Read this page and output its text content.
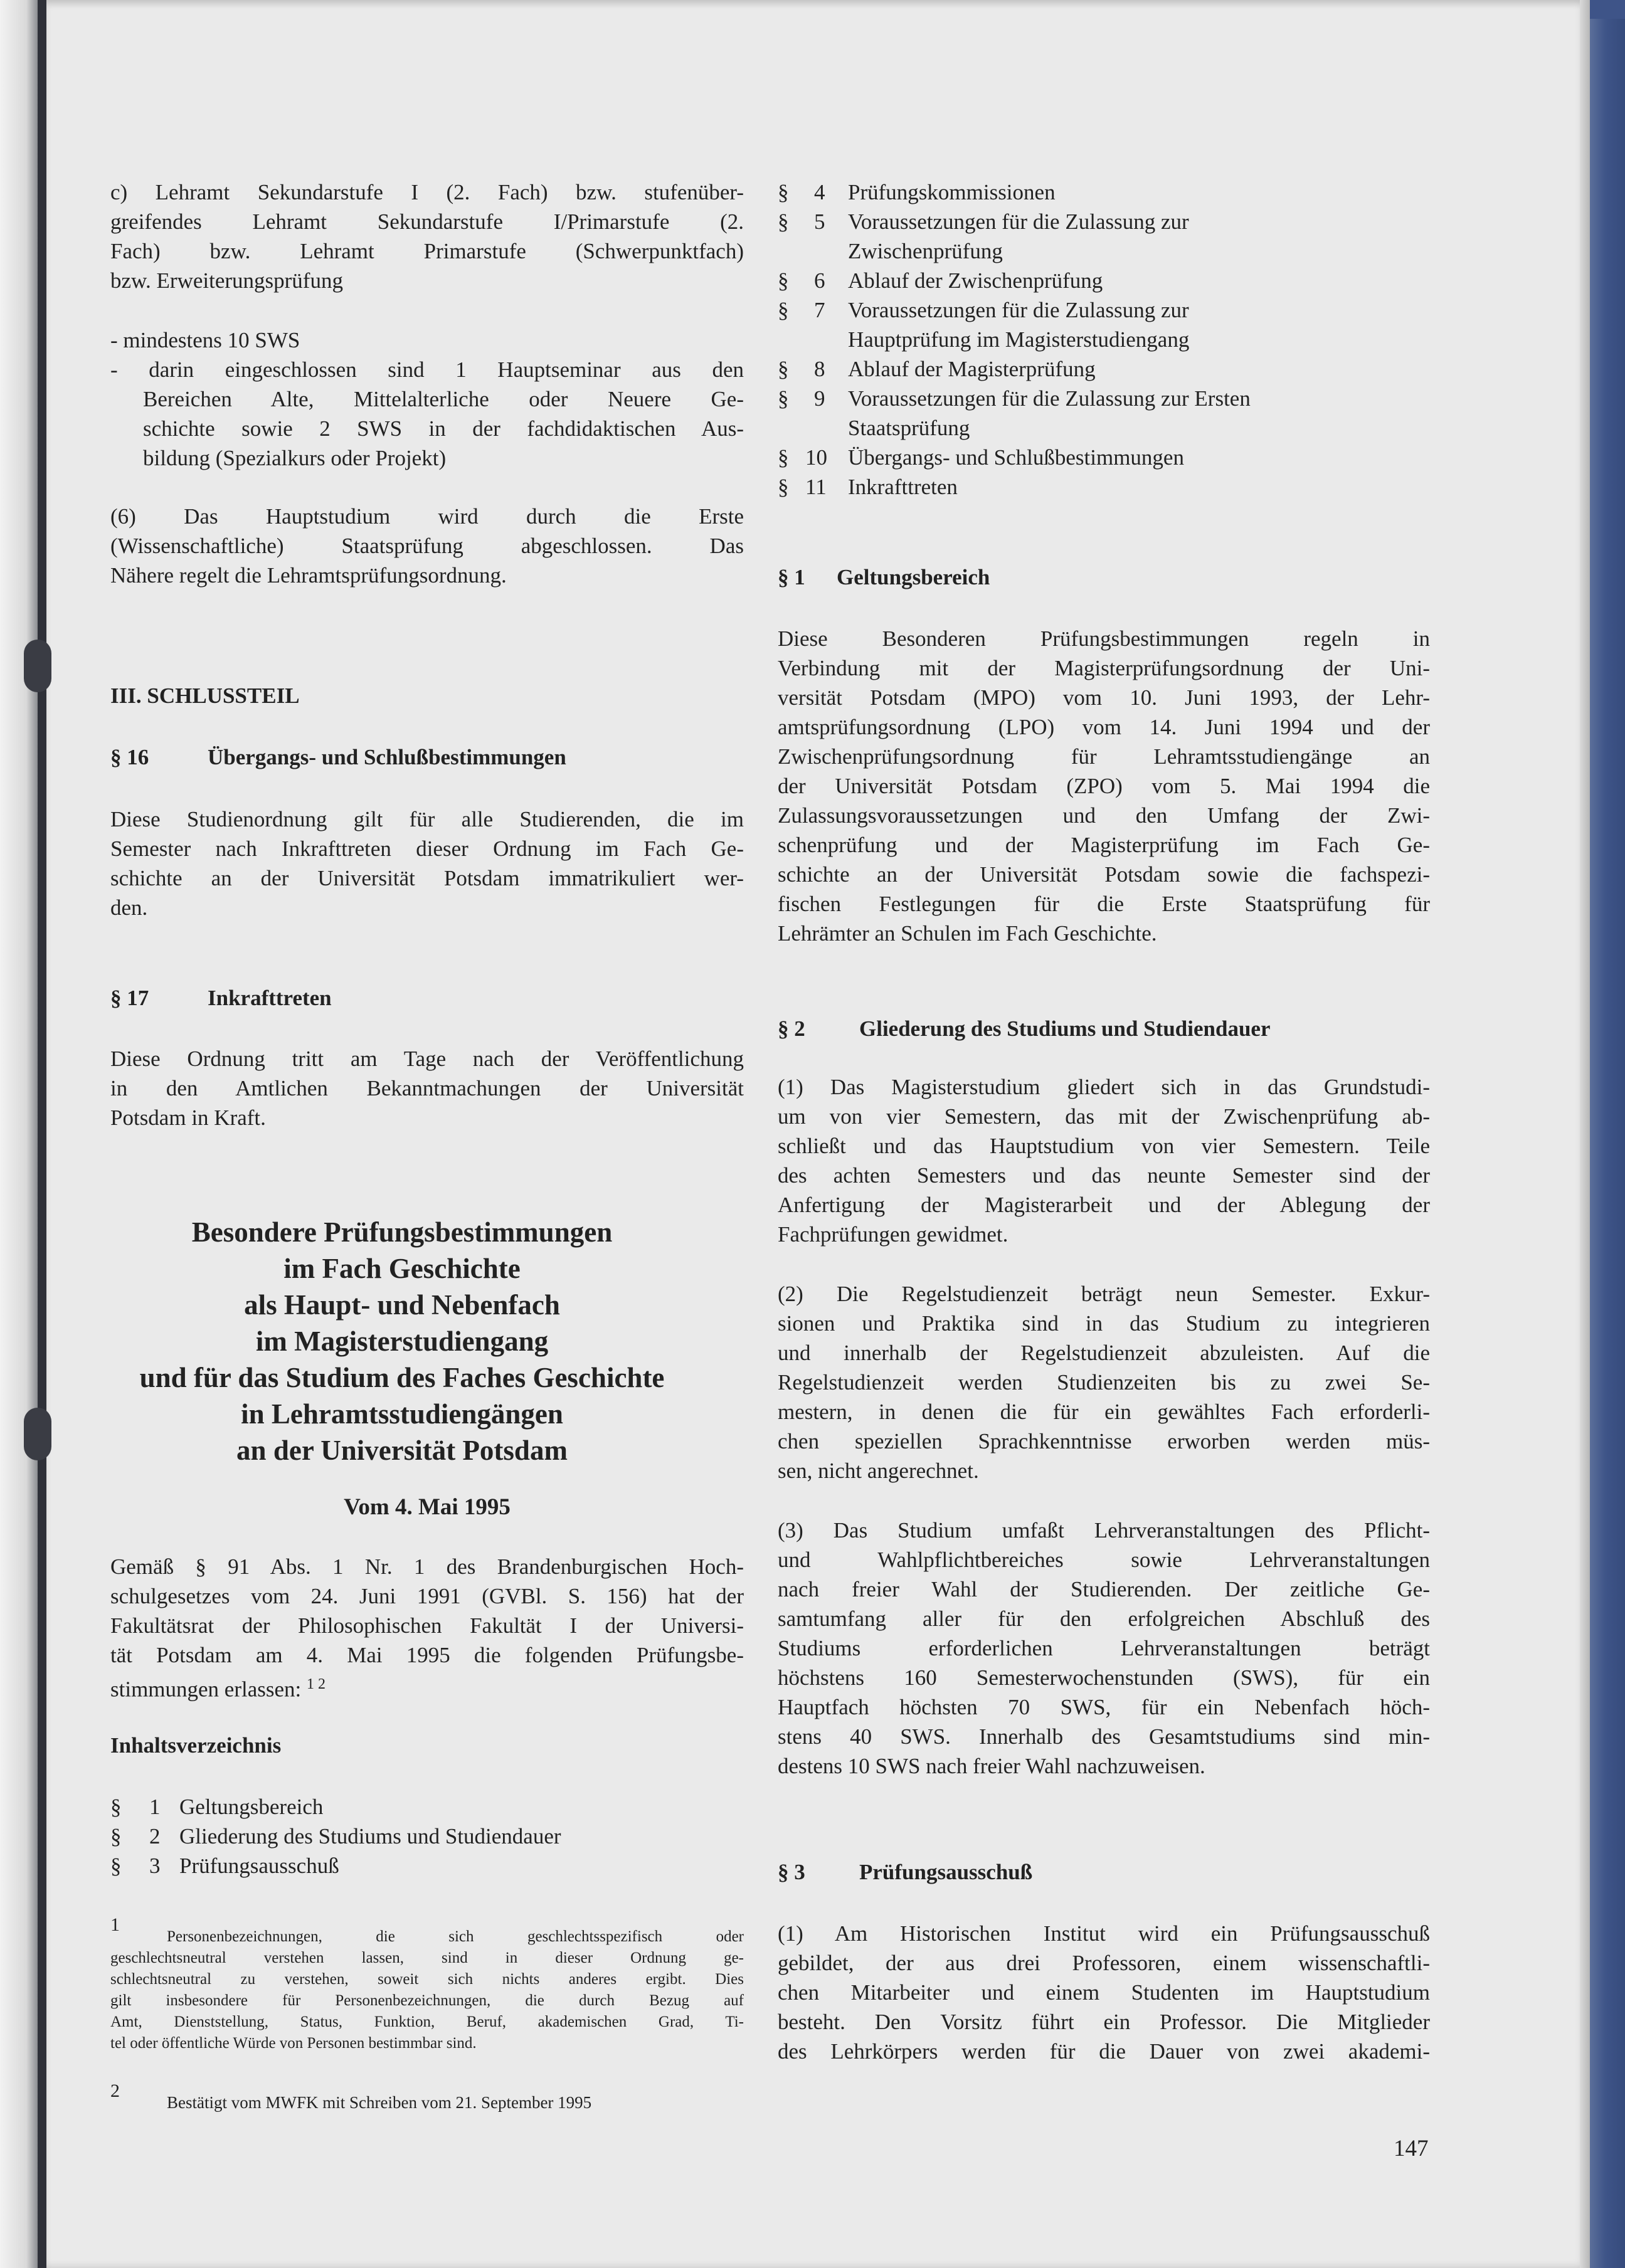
c) Lehramt Sekundarstufe I (2. Fach) bzw. stufenüber-
greifendes Lehramt Sekundarstufe I/Primarstufe (2.
Fach) bzw. Lehramt Primarstufe (Schwerpunktfach)
bzw. Erweiterungsprüfung
- mindestens 10 SWS
- darin eingeschlossen sind 1 Hauptseminar aus den
Bereichen Alte, Mittelalterliche oder Neuere Ge-
schichte sowie 2 SWS in der fachdidaktischen Aus-
bildung (Spezialkurs oder Projekt)
(6) Das Hauptstudium wird durch die Erste
(Wissenschaftliche) Staatsprüfung abgeschlossen. Das
Nähere regelt die Lehramtsprüfungsordnung.
III. SCHLUSSTEIL
§ 16	Übergangs- und Schlußbestimmungen
Diese Studienordnung gilt für alle Studierenden, die im
Semester nach Inkrafttreten dieser Ordnung im Fach Ge-
schichte an der Universität Potsdam immatrikuliert wer-
den.
§ 17	Inkrafttreten
Diese Ordnung tritt am Tage nach der Veröffentlichung
in den Amtlichen Bekanntmachungen der Universität
Potsdam in Kraft.
Besondere Prüfungsbestimmungen
im Fach Geschichte
als Haupt- und Nebenfach
im Magisterstudiengang
und für das Studium des Faches Geschichte
in Lehramtsstudiengängen
an der Universität Potsdam
Vom 4. Mai 1995
Gemäß § 91 Abs. 1 Nr. 1 des Brandenburgischen Hoch-
schulgesetzes vom 24. Juni 1991 (GVBl. S. 156) hat der
Fakultätsrat der Philosophischen Fakultät I der Universi-
tät Potsdam am 4. Mai 1995 die folgenden Prüfungsbe-
stimmungen erlassen: $^{1 2}$
Inhaltsverzeichnis
§ 1 Geltungsbereich
§ 2 Gliederung des Studiums und Studiendauer
§ 3 Prüfungsausschuß
1
Personenbezeichnungen, die sich geschlechtsspezifisch oder
geschlechtsneutral verstehen lassen, sind in dieser Ordnung ge-
schlechtsneutral zu verstehen, soweit sich nichts anderes ergibt. Dies
gilt insbesondere für Personenbezeichnungen, die durch Bezug auf
Amt, Dienststellung, Status, Funktion, Beruf, akademischen Grad, Ti-
tel oder öffentliche Würde von Personen bestimmbar sind.
2
Bestätigt vom MWFK mit Schreiben vom 21. September 1995
§ 4 Prüfungskommissionen
§ 5 Voraussetzungen für die Zulassung zur
Zwischenprüfung
§ 6 Ablauf der Zwischenprüfung
§ 7 Voraussetzungen für die Zulassung zur
Hauptprüfung im Magisterstudiengang
§ 8 Ablauf der Magisterprüfung
§ 9 Voraussetzungen für die Zulassung zur Ersten
Staatsprüfung
§ 10 Übergangs- und Schlußbestimmungen
§ 11 Inkrafttreten
§ 1 Geltungsbereich
Diese Besonderen Prüfungsbestimmungen regeln in
Verbindung mit der Magisterprüfungsordnung der Uni-
versität Potsdam (MPO) vom 10. Juni 1993, der Lehr-
amtsprüfungsordnung (LPO) vom 14. Juni 1994 und der
Zwischenprüfungsordnung für Lehramtsstudiengänge an
der Universität Potsdam (ZPO) vom 5. Mai 1994 die
Zulassungsvoraussetzungen und den Umfang der Zwi-
schenprüfung und der Magisterprüfung im Fach Ge-
schichte an der Universität Potsdam sowie die fachspezi-
fischen Festlegungen für die Erste Staatsprüfung für
Lehrämter an Schulen im Fach Geschichte.
§ 2 Gliederung des Studiums und Studiendauer
(1) Das Magisterstudium gliedert sich in das Grundstudi-
um von vier Semestern, das mit der Zwischenprüfung ab-
schließt und das Hauptstudium von vier Semestern. Teile
des achten Semesters und das neunte Semester sind der
Anfertigung der Magisterarbeit und der Ablegung der
Fachprüfungen gewidmet.
(2) Die Regelstudienzeit beträgt neun Semester. Exkur-
sionen und Praktika sind in das Studium zu integrieren
und innerhalb der Regelstudienzeit abzuleisten. Auf die
Regelstudienzeit werden Studienzeiten bis zu zwei Se-
mestern, in denen die für ein gewähltes Fach erforderli-
chen speziellen Sprachkenntnisse erworben werden müs-
sen, nicht angerechnet.
(3) Das Studium umfaßt Lehrveranstaltungen des Pflicht-
und Wahlpflichtbereiches sowie Lehrveranstaltungen
nach freier Wahl der Studierenden. Der zeitliche Ge-
samtumfang aller für den erfolgreichen Abschluß des
Studiums erforderlichen Lehrveranstaltungen beträgt
höchstens 160 Semesterwochenstunden (SWS), für ein
Hauptfach höchsten 70 SWS, für ein Nebenfach höch-
stens 40 SWS. Innerhalb des Gesamtstudiums sind min-
destens 10 SWS nach freier Wahl nachzuweisen.
§ 3 Prüfungsausschuß
(1) Am Historischen Institut wird ein Prüfungsausschuß
gebildet, der aus drei Professoren, einem wissenschaftli-
chen Mitarbeiter und einem Studenten im Hauptstudium
besteht. Den Vorsitz führt ein Professor. Die Mitglieder
des Lehrkörpers werden für die Dauer von zwei akademi-
147
